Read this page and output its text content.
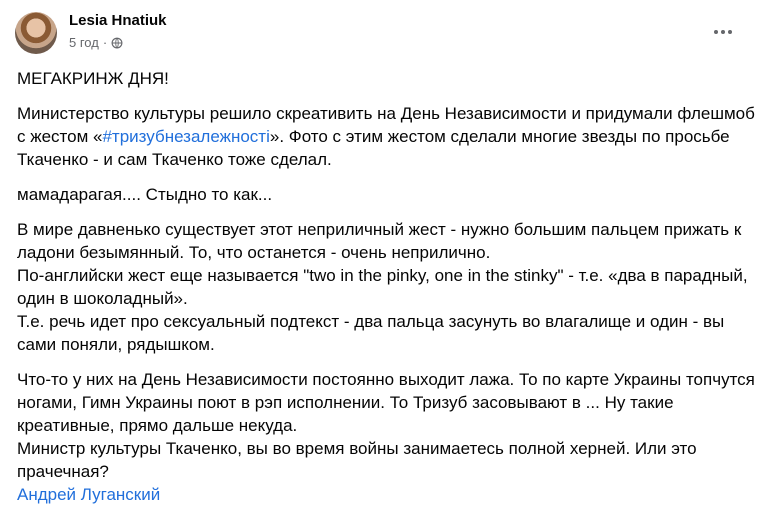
Lesia Hnatiuk
5 год ·

МЕГАКРИНЖ ДНЯ!

Министерство культуры решило скреативить на День Независимости и придумали флешмоб
с жестом «#тризубнезалежності». Фото с этим жестом сделали многие звезды по просьбе
Ткаченко - и сам Ткаченко тоже сделал.

мамадарагая.... Стыдно то как...

В мире давненько существует этот неприличный жест - нужно большим пальцем прижать к
ладони безымянный. То, что останется - очень неприлично.
По-английски жест еще называется "two in the pinky, one in the stinky" - т.е. «два в парадный,
один в шоколадный».
Т.е. речь идет про сексуальный подтекст - два пальца засунуть во влагалище и один - вы
сами поняли, рядышком.

Что-то у них на День Независимости постоянно выходит лажа. То по карте Украины топчутся
ногами, Гимн Украины поют в рэп исполнении. То Тризуб засовывают в ... Ну такие
креативные, прямо дальше некуда.
Министр культуры Ткаченко, вы во время войны занимаетесь полной херней. Или это
прачечная?
Андрей Луганский
